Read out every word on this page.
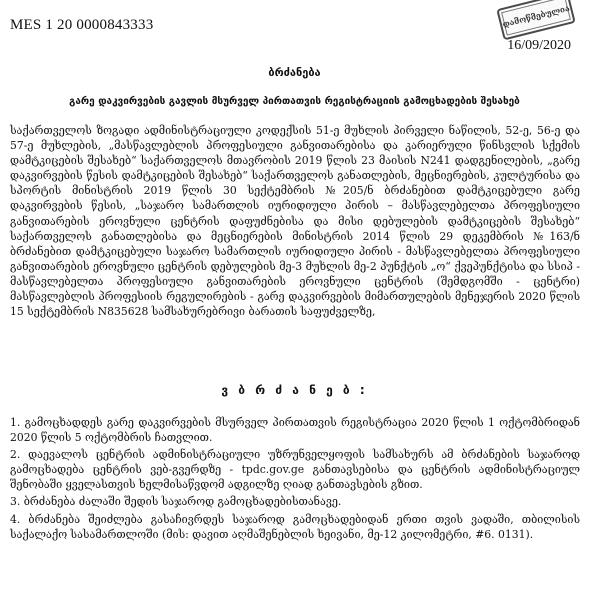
MES 1 20 0000843333	დამოწმებულია
16/09/2020
ბრძანება
გარე დაკვირვების გავლის მსურველ პირთათვის რეგისტრაციის გამოცხადების შესახებ

საქართველოს ზოგადი ადმინისტრაციული კოდექსის 51-ე მუხლის პირველი ნაწილის, 52-ე, 56-ე და 57-ე მუხლების, „მასწავლებლის პროფესიული განვითარებისა და კარიერული წინსვლის სქემის დამტკიცების შესახებ“ საქართველოს მთავრობის 2019 წლის 23 მაისის N241 დადგენილების, „გარე დაკვირვების წესის დამტკიცების შესახებ“ საქართველოს განათლების, მეცნიერების, კულტურისა და სპორტის მინისტრის 2019 წლის 30 სექტემბრის №205/ნ ბრძანებით დამტკიცებული გარე დაკვირვების წესის, „საჯარო სამართლის იურიდიული პირის – მასწავლებელთა პროფესიული განვითარების ეროვნული ცენტრის დაფუძნებისა და მისი დებულების დამტკიცების შესახებ“ საქართველოს განათლებისა და მეცნიერების მინისტრის 2014 წლის 29 დეკემბრის №163/ნ ბრძანებით დამტკიცებული საჯარო სამართლის იურიდიული პირის - მასწავლებელთა პროფესიული განვითარების ეროვნული ცენტრის დებულების მე-3 მუხლის მე-2 პუნქტის „ო“ ქვეპუნქტისა და სსიპ - მასწავლებელთა პროფესიული განვითარების ეროვნული ცენტრის (შემდგომში - ცენტრი) მასწავლებლის პროფესიის რეგულირების - გარე დაკვირვების მიმართულების მენეჯერის 2020 წლის 15 სექტემბრის N835628 სამსახურებრივი ბარათის საფუძველზე,

ვ ბ რ ძ ა ნ ე ბ :
1. გამოცხადდეს გარე დაკვირვების მსურველ პირთათვის რეგისტრაცია 2020 წლის 1 ოქტომბრიდან 2020 წლის 5 ოქტომბრის ჩათვლით.
2. დაევალოს ცენტრის ადმინისტრაციული უზრუნველყოფის სამსახურს ამ ბრძანების საჯაროდ გამოცხადება ცენტრის ვებ-გვერდზე - tpdc.gov.ge განთავსებისა და ცენტრის ადმინისტრაციულ შენობაში ყველასთვის ხელმისაწვდომ ადგილზე ღიად განთავსების გზით.
3. ბრძანება ძალაში შედის საჯაროდ გამოცხადებისთანავე.
4. ბრძანება შეიძლება გასაჩივრდეს საჯაროდ გამოცხადებიდან ერთი თვის ვადაში, თბილისის საქალაქო სასამართლოში (მის: დავით აღმაშენებლის ხეივანი, მე-12 კილომეტრი, #6. 0131).
